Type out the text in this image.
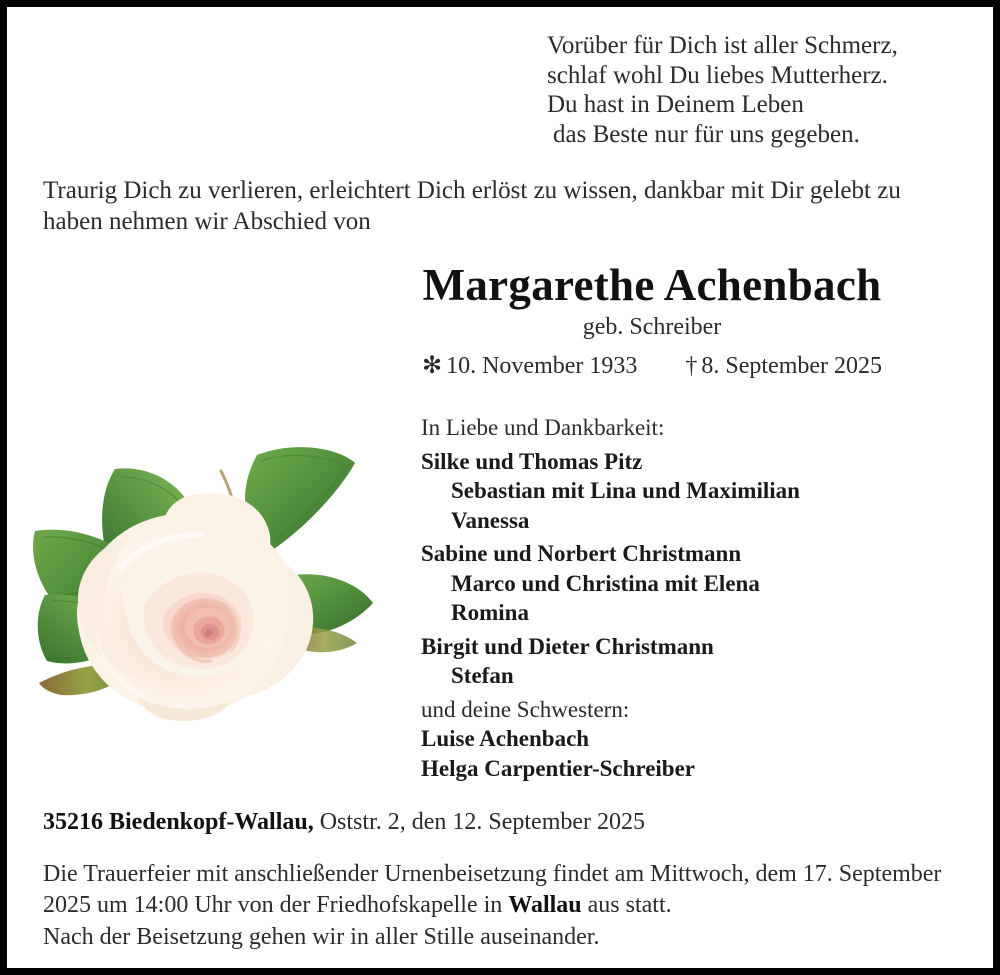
Vorüber für Dich ist aller Schmerz,
schlaf wohl Du liebes Mutterherz.
Du hast in Deinem Leben
das Beste nur für uns gegeben.
Traurig Dich zu verlieren, erleichtert Dich erlöst zu wissen, dankbar mit Dir gelebt zu haben nehmen wir Abschied von
Margarethe Achenbach
geb. Schreiber
✻ 10. November 1933 † 8. September 2025
In Liebe und Dankbarkeit:
Silke und Thomas Pitz
Sebastian mit Lina und Maximilian
Vanessa
Sabine und Norbert Christmann
Marco und Christina mit Elena
Romina
Birgit und Dieter Christmann
Stefan
und deine Schwestern:
Luise Achenbach
Helga Carpentier-Schreiber
35216 Biedenkopf-Wallau, Oststr. 2, den 12. September 2025
Die Trauerfeier mit anschließender Urnenbeisetzung findet am Mittwoch, dem 17. September 2025 um 14:00 Uhr von der Friedhofskapelle in Wallau aus statt.
Nach der Beisetzung gehen wir in aller Stille auseinander.
